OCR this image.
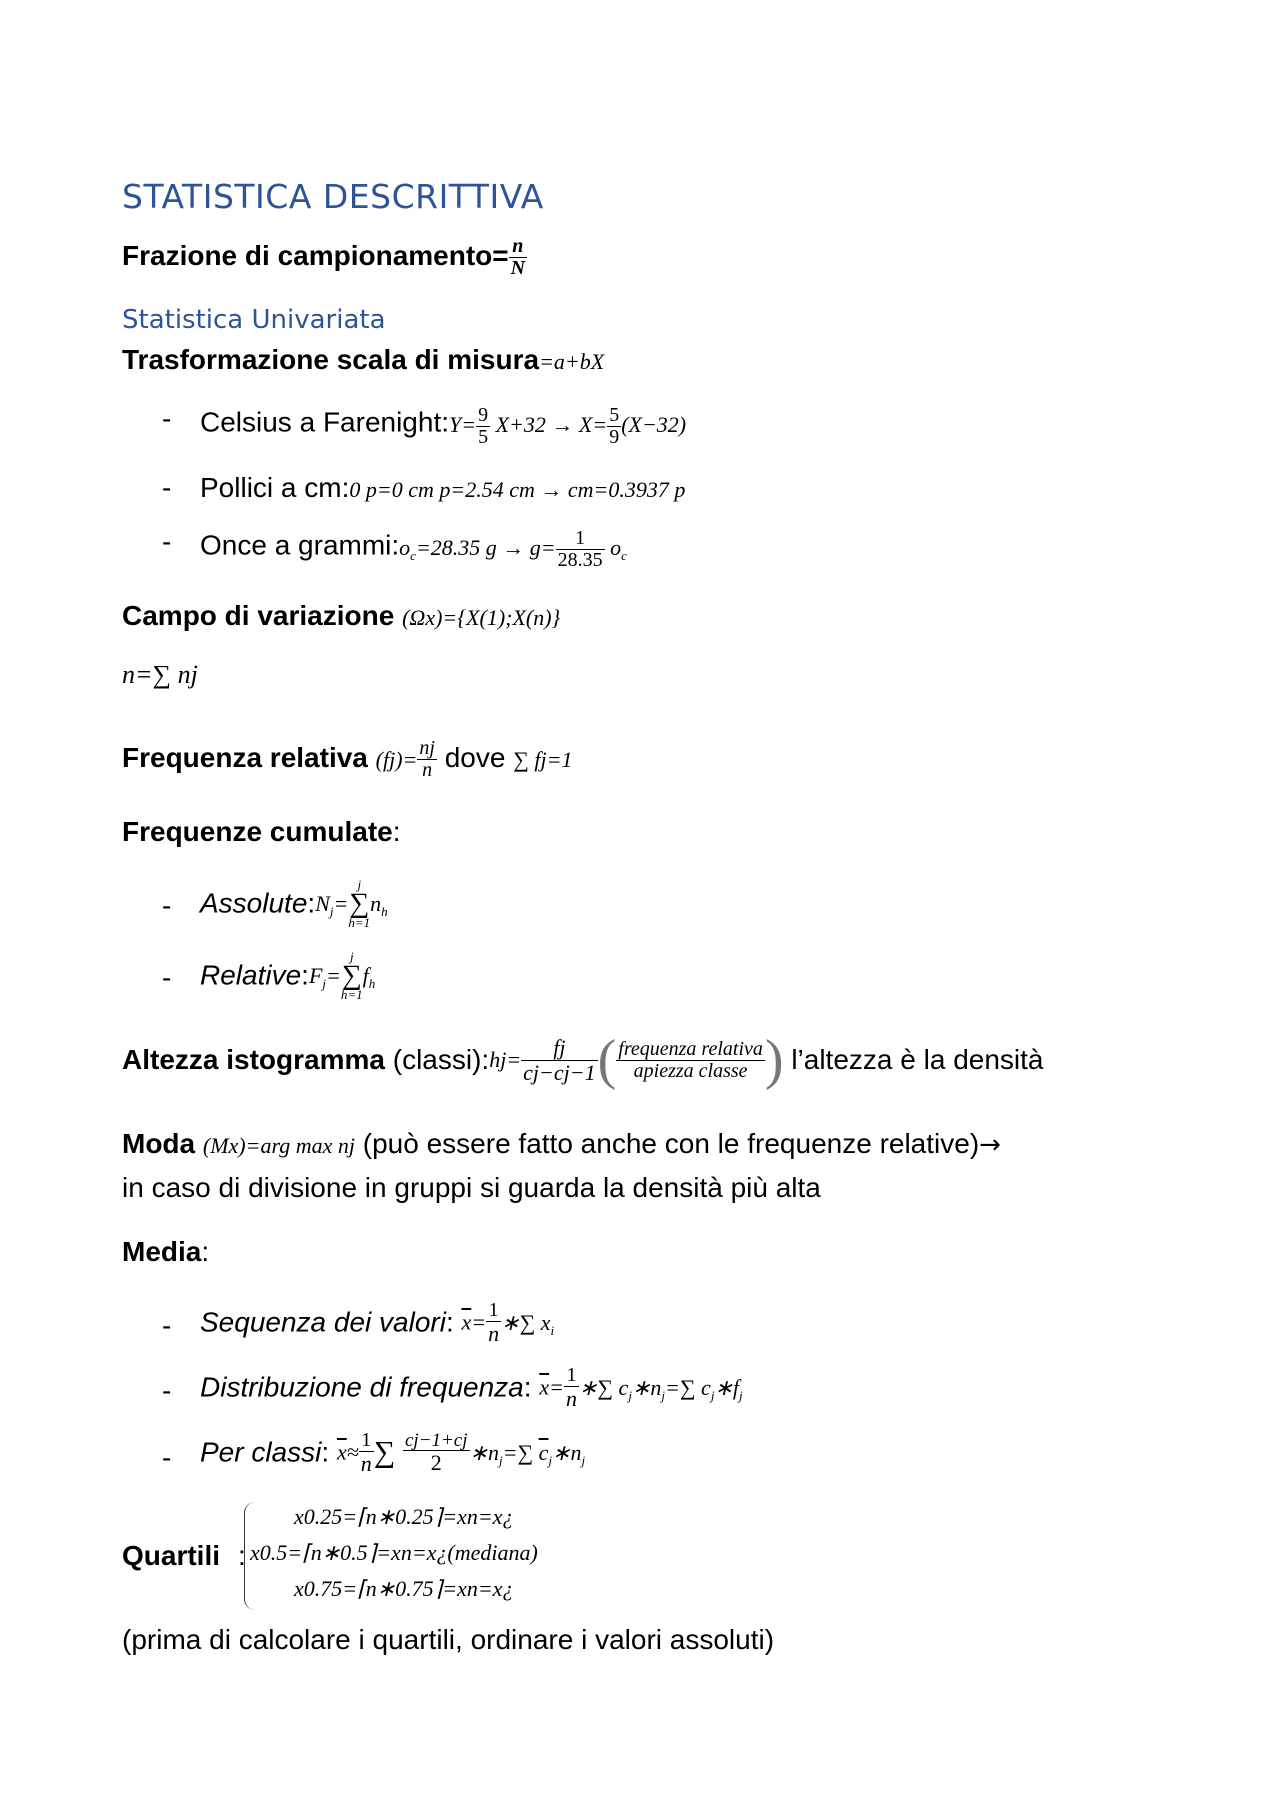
STATISTICA DESCRITTIVA
Frazione di campionamento= $\frac{n}{N}$
Statistica Univariata
Trasformazione scala di misura=a+bX
- Celsius a Farenight:Y= $\frac{9}{5} X+32 \to X= \frac{5}{9} (X-32)$
- Pollici a cm:0 p=0 cm p=2.54 cm → cm=0.3937 p
- Once a $grammi:o_c=28.35$ $g \to g= \frac{1}{28.35} o_c$
Campo di variazione (Ωx)={X(1);X(n)}
n=∑ nj
Frequenza relativa $(fj)= \frac{nj}{n}$ dove ∑ fj=1
Frequenze cumulate:
- $Assolute:N_j=$
j
∑
h=1
$n_h$
- $Relative:F_j=$
j
∑
h=1
$f_h$
Altezza istogramma (classi):hj= $\frac{fj}{cj-cj-1}$ ( $\frac{\text{frequenza relativa}}{\text{apiezza classe}}$ ) l’altezza è la densità
Moda (Mx)=arg max nj (può essere fatto anche con le frequenze relative)→
in caso di divisione in gruppi si guarda la densità più alta
Media:
- Sequenza dei valori: $\overline{x}= \frac{1}{n}$ ∗∑ $x_i$
- Distribuzione di frequenza: $\overline{x}= \frac{1}{n}$ ∗∑ $c_j∗n_j=\sum$ $c_j∗f_j$
- Per classi: $\overline{x}\approx \frac{1}{n}$ ∑ $\frac{cj-1+cj}{2}$ $∗n_j=\sum$ $\overline{c}_j∗n_j$
Quartili :
x0.25=⌈n∗0.25⌉=xn=x¿
x0.5=⌈n∗0.5⌉=xn=x¿(mediana)
x0.75=⌈n∗0.75⌉=xn=x¿
(prima di calcolare i quartili, ordinare i valori assoluti)
